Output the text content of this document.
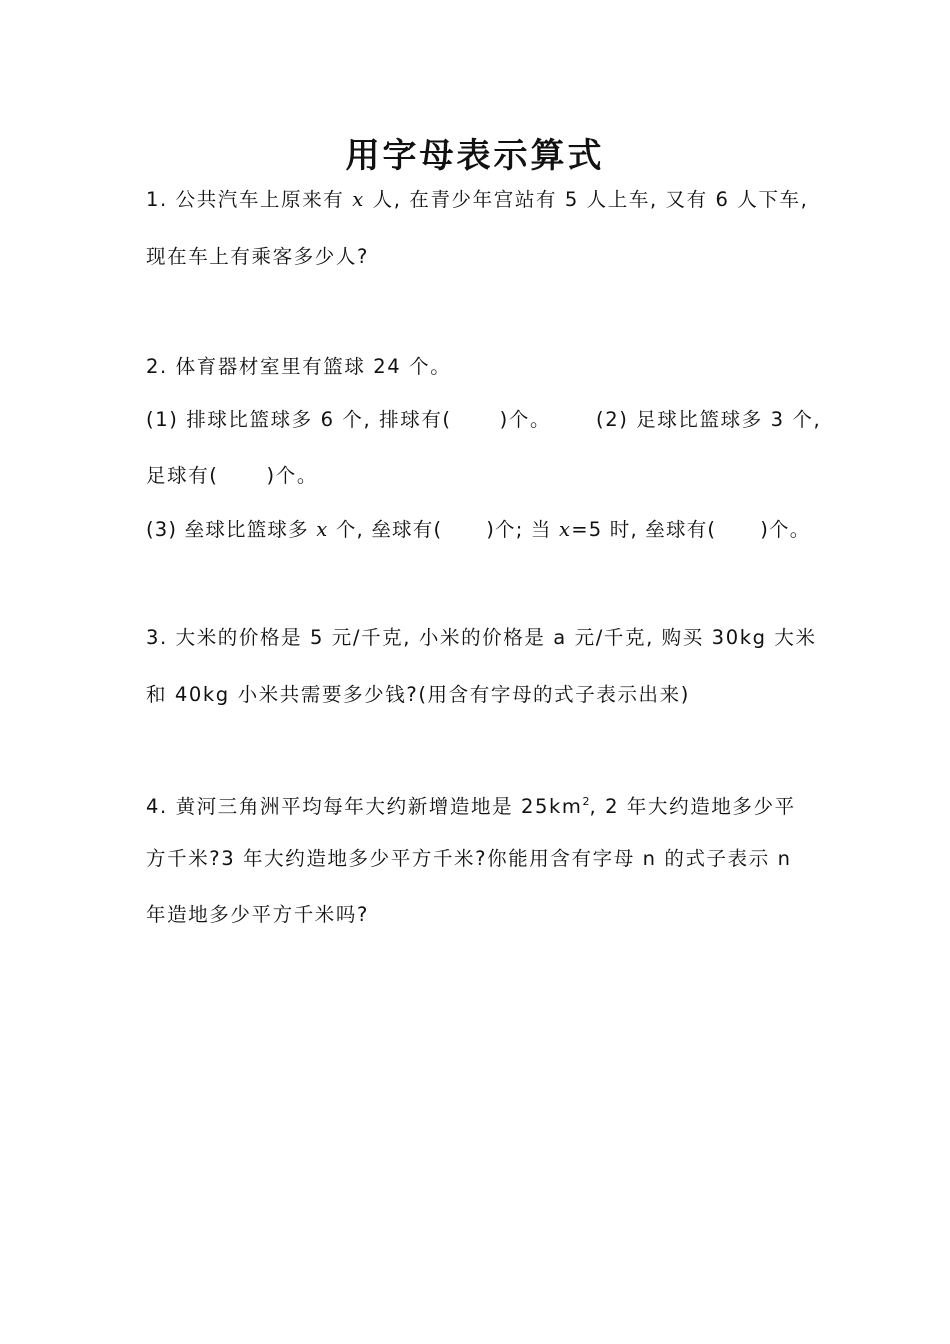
用字母表示算式
1. 公共汽车上原来有 x 人, 在青少年宫站有 5 人上车, 又有 6 人下车,
现在车上有乘客多少人?
2. 体育器材室里有篮球 24 个。
(1) 排球比篮球多 6 个, 排球有( )个。 (2) 足球比篮球多 3 个,
足球有( )个。
(3) 垒球比篮球多 x 个, 垒球有( )个; 当 x=5 时, 垒球有( )个。
3. 大米的价格是 5 元/千克, 小米的价格是 a 元/千克, 购买 30kg 大米
和 40kg 小米共需要多少钱?(用含有字母的式子表示出来)
4. 黄河三角洲平均每年大约新增造地是 $25km^2$, 2 年大约造地多少平
方千米?3 年大约造地多少平方千米?你能用含有字母 n 的式子表示 n
年造地多少平方千米吗?
